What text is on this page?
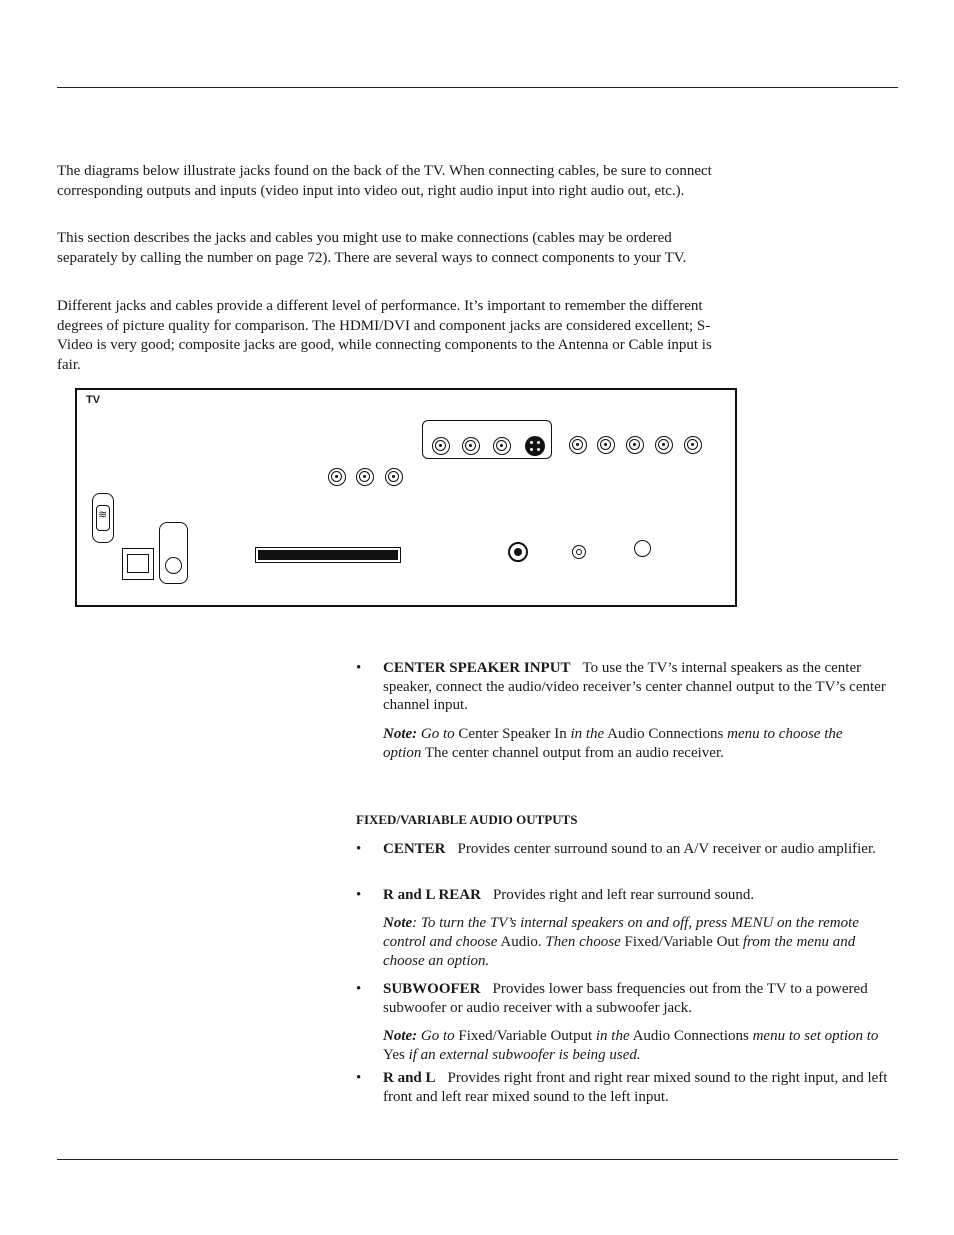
The diagrams below illustrate jacks found on the back of the TV. When connecting cables, be sure to connect corresponding outputs and inputs (video input into video out, right audio input into right audio out, etc.).

This section describes the jacks and cables you might use to make connections (cables may be ordered separately by calling the number on page 72). There are several ways to connect components to your TV.

Different jacks and cables provide a different level of performance. It’s important to remember the different degrees of picture quality for comparison. The HDMI/DVI and component jacks are considered excellent; S-Video is very good; composite jacks are good, while connecting components to the Antenna or Cable input is fair.

TV
≋
• CENTER SPEAKER INPUT To use the TV’s internal speakers as the center speaker, connect the audio/video receiver’s center channel output to the TV’s center channel input.
Note: Go to Center Speaker In in the Audio Connections menu to choose the option The center channel output from an audio receiver.
FIXED/VARIABLE AUDIO OUTPUTS
• CENTER Provides center surround sound to an A/V receiver or audio amplifier.
• R and L REAR Provides right and left rear surround sound.
Note: To turn the TV’s internal speakers on and off, press MENU on the remote control and choose Audio. Then choose Fixed/Variable Out from the menu and choose an option.
• SUBWOOFER Provides lower bass frequencies out from the TV to a powered subwoofer or audio receiver with a subwoofer jack.
Note: Go to Fixed/Variable Output in the Audio Connections menu to set option to Yes if an external subwoofer is being used.
• R and L Provides right front and right rear mixed sound to the right input, and left front and left rear mixed sound to the left input.
